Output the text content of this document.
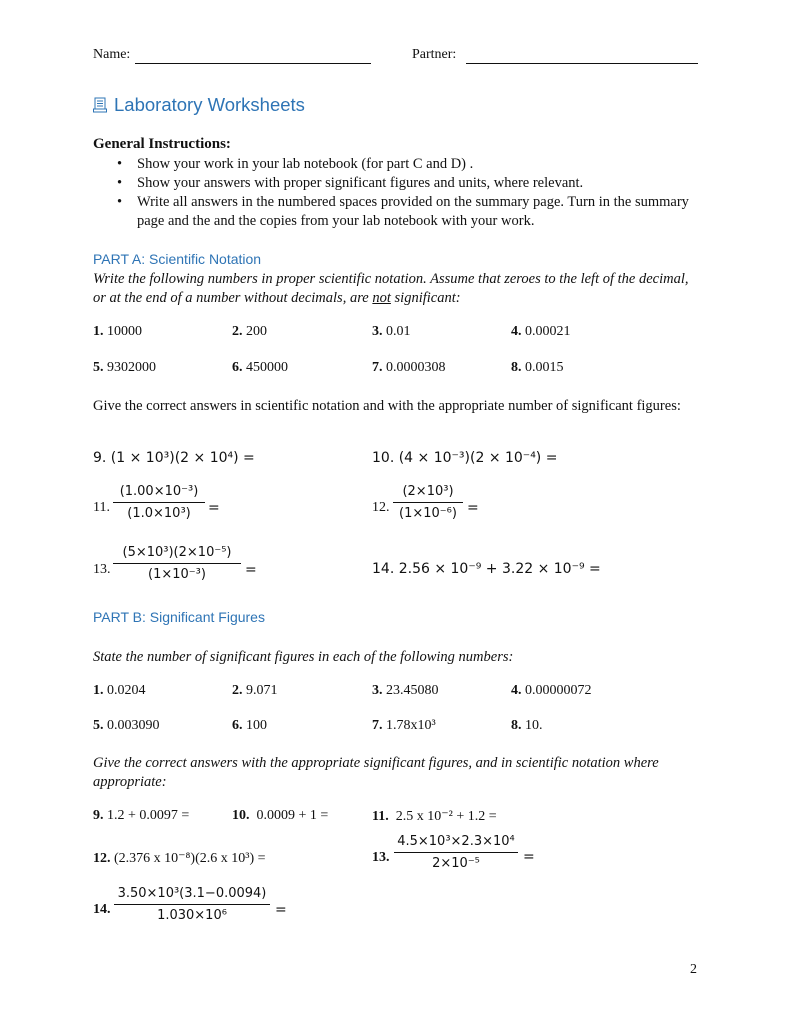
Name:	Partner:
Laboratory Worksheets
General Instructions:
• Show your work in your lab notebook (for part C and D) .
• Show your answers with proper significant figures and units, where relevant.
• Write all answers in the numbered spaces provided on the summary page. Turn in the summary page and the and the copies from your lab notebook with your work.
PART A: Scientific Notation
Write the following numbers in proper scientific notation. Assume that zeroes to the left of the decimal, or at the end of a number without decimals, are not significant:
1. 10000	2. 200	3. 0.01	4. 0.00021
5. 9302000	6. 450000	7. 0.0000308	8. 0.0015
Give the correct answers in scientific notation and with the appropriate number of significant figures:
9. (1 × 10³)(2 × 10⁴) =	10. (4 × 10⁻³)(2 × 10⁻⁴) =
11.
(1.00×10⁻³)
(1.0×10³)	=	12.
(2×10³)
(1×10⁻⁶) =
13.
(5×10³)(2×10⁻⁵)
(1×10⁻³)	=	14. 2.56 × 10⁻⁹ + 3.22 × 10⁻⁹ =
PART B: Significant Figures
State the number of significant figures in each of the following numbers:
1. 0.0204	2. 9.071	3. 23.45080	4. 0.00000072
5. 0.003090	6. 100	7. 1.78x10³	8. 10.
Give the correct answers with the appropriate significant figures, and in scientific notation where appropriate:
9. 1.2 + 0.0097 =	10. 0.0009 + 1 =	11. 2.5 x 10⁻² + 1.2 =
12. (2.376 x 10⁻⁸)(2.6 x 10³) =	13.
4.5×10³×2.3×10⁴
2×10⁻⁵	=
14.
3.50×10³(3.1−0.0094)
1.030×10⁶	=
2
